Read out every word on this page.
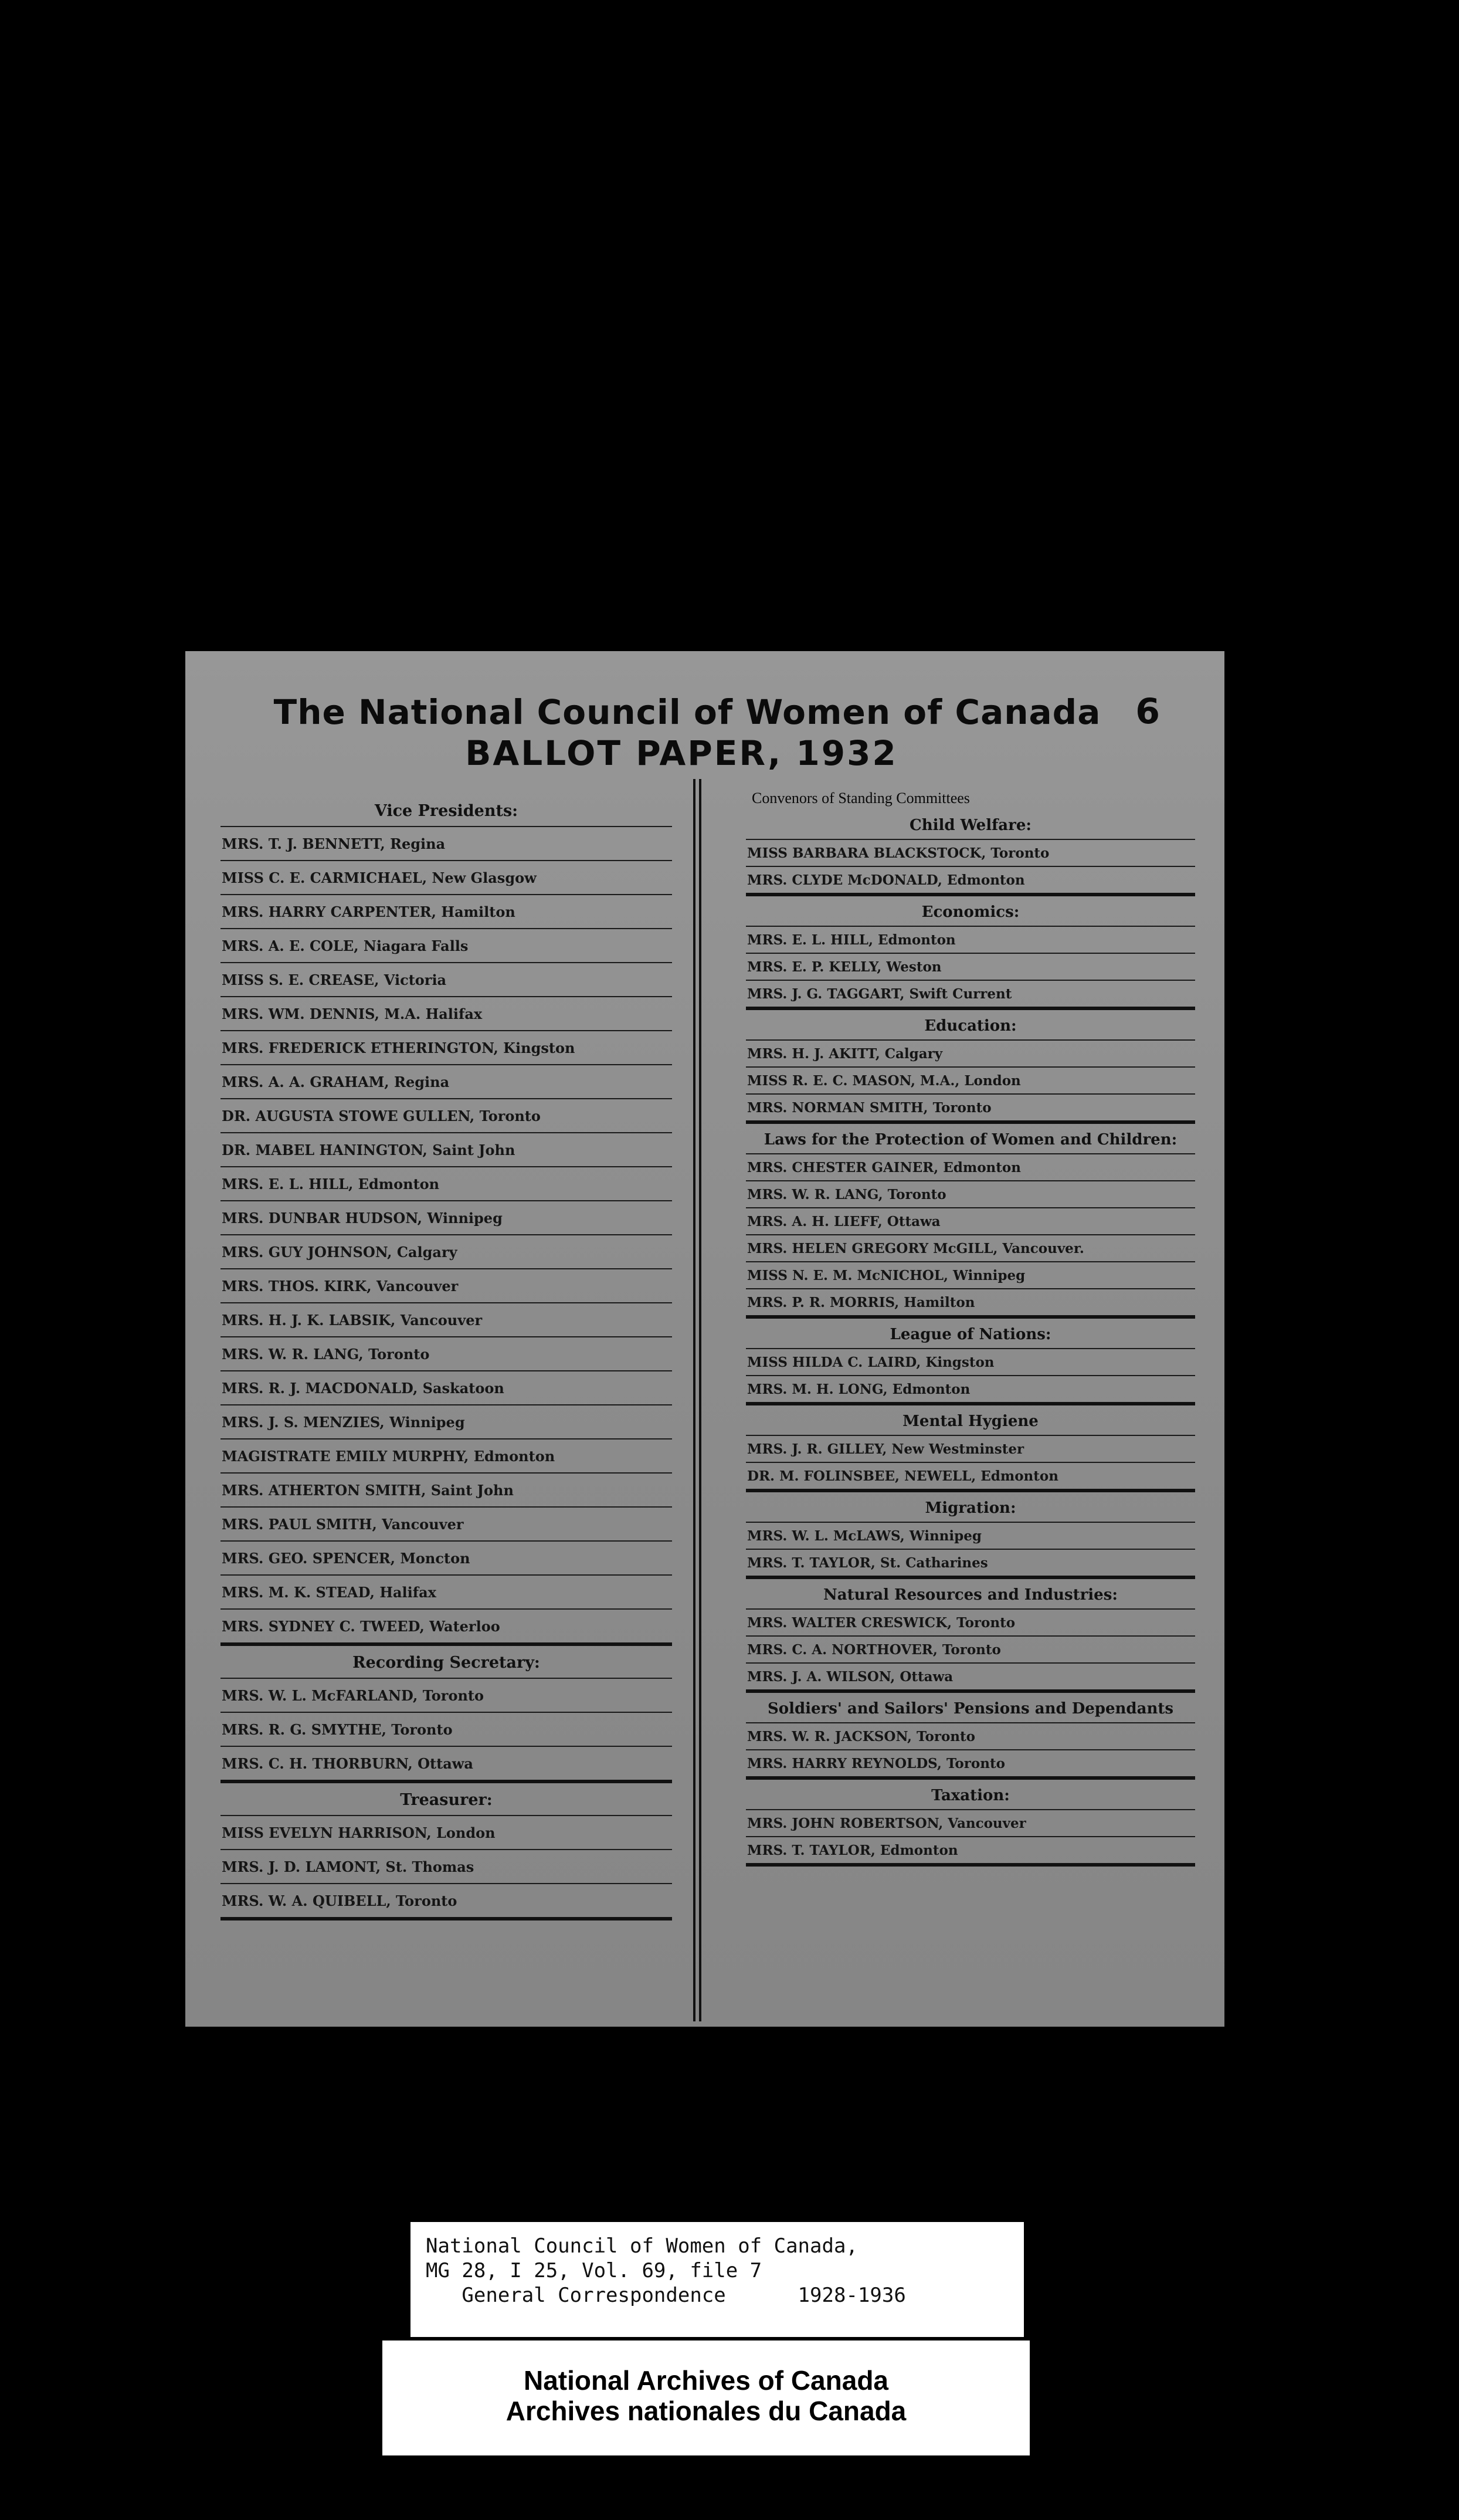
The National Council of Women of Canada 6
BALLOT PAPER, 1932
Vice Presidents:
MRS. T. J. BENNETT, Regina
MISS C. E. CARMICHAEL, New Glasgow
MRS. HARRY CARPENTER, Hamilton
MRS. A. E. COLE, Niagara Falls
MISS S. E. CREASE, Victoria
MRS. WM. DENNIS, M.A. Halifax
MRS. FREDERICK ETHERINGTON, Kingston
MRS. A. A. GRAHAM, Regina
DR. AUGUSTA STOWE GULLEN, Toronto
DR. MABEL HANINGTON, Saint John
MRS. E. L. HILL, Edmonton
MRS. DUNBAR HUDSON, Winnipeg
MRS. GUY JOHNSON, Calgary
MRS. THOS. KIRK, Vancouver
MRS. H. J. K. LABSIK, Vancouver
MRS. W. R. LANG, Toronto
MRS. R. J. MACDONALD, Saskatoon
MRS. J. S. MENZIES, Winnipeg
MAGISTRATE EMILY MURPHY, Edmonton
MRS. ATHERTON SMITH, Saint John
MRS. PAUL SMITH, Vancouver
MRS. GEO. SPENCER, Moncton
MRS. M. K. STEAD, Halifax
MRS. SYDNEY C. TWEED, Waterloo
Recording Secretary:
MRS. W. L. McFARLAND, Toronto
MRS. R. G. SMYTHE, Toronto
MRS. C. H. THORBURN, Ottawa
Treasurer:
MISS EVELYN HARRISON, London
MRS. J. D. LAMONT, St. Thomas
MRS. W. A. QUIBELL, Toronto
Convenors of Standing Committees
Child Welfare:
MISS BARBARA BLACKSTOCK, Toronto
MRS. CLYDE McDONALD, Edmonton
Economics:
MRS. E. L. HILL, Edmonton
MRS. E. P. KELLY, Weston
MRS. J. G. TAGGART, Swift Current
Education:
MRS. H. J. AKITT, Calgary
MISS R. E. C. MASON, M.A., London
MRS. NORMAN SMITH, Toronto
Laws for the Protection of Women and Children:
MRS. CHESTER GAINER, Edmonton
MRS. W. R. LANG, Toronto
MRS. A. H. LIEFF, Ottawa
MRS. HELEN GREGORY McGILL, Vancouver.
MISS N. E. M. McNICHOL, Winnipeg
MRS. P. R. MORRIS, Hamilton
League of Nations:
MISS HILDA C. LAIRD, Kingston
MRS. M. H. LONG, Edmonton
Mental Hygiene
MRS. J. R. GILLEY, New Westminster
DR. M. FOLINSBEE, NEWELL, Edmonton
Migration:
MRS. W. L. McLAWS, Winnipeg
MRS. T. TAYLOR, St. Catharines
Natural Resources and Industries:
MRS. WALTER CRESWICK, Toronto
MRS. C. A. NORTHOVER, Toronto
MRS. J. A. WILSON, Ottawa
Soldiers' and Sailors' Pensions and Dependants
MRS. W. R. JACKSON, Toronto
MRS. HARRY REYNOLDS, Toronto
Taxation:
MRS. JOHN ROBERTSON, Vancouver
MRS. T. TAYLOR, Edmonton
National Council of Women of Canada,
MG 28, I 25, Vol. 69, file 7
General Correspondence      1928-1936
National Archives of Canada
Archives nationales du Canada
